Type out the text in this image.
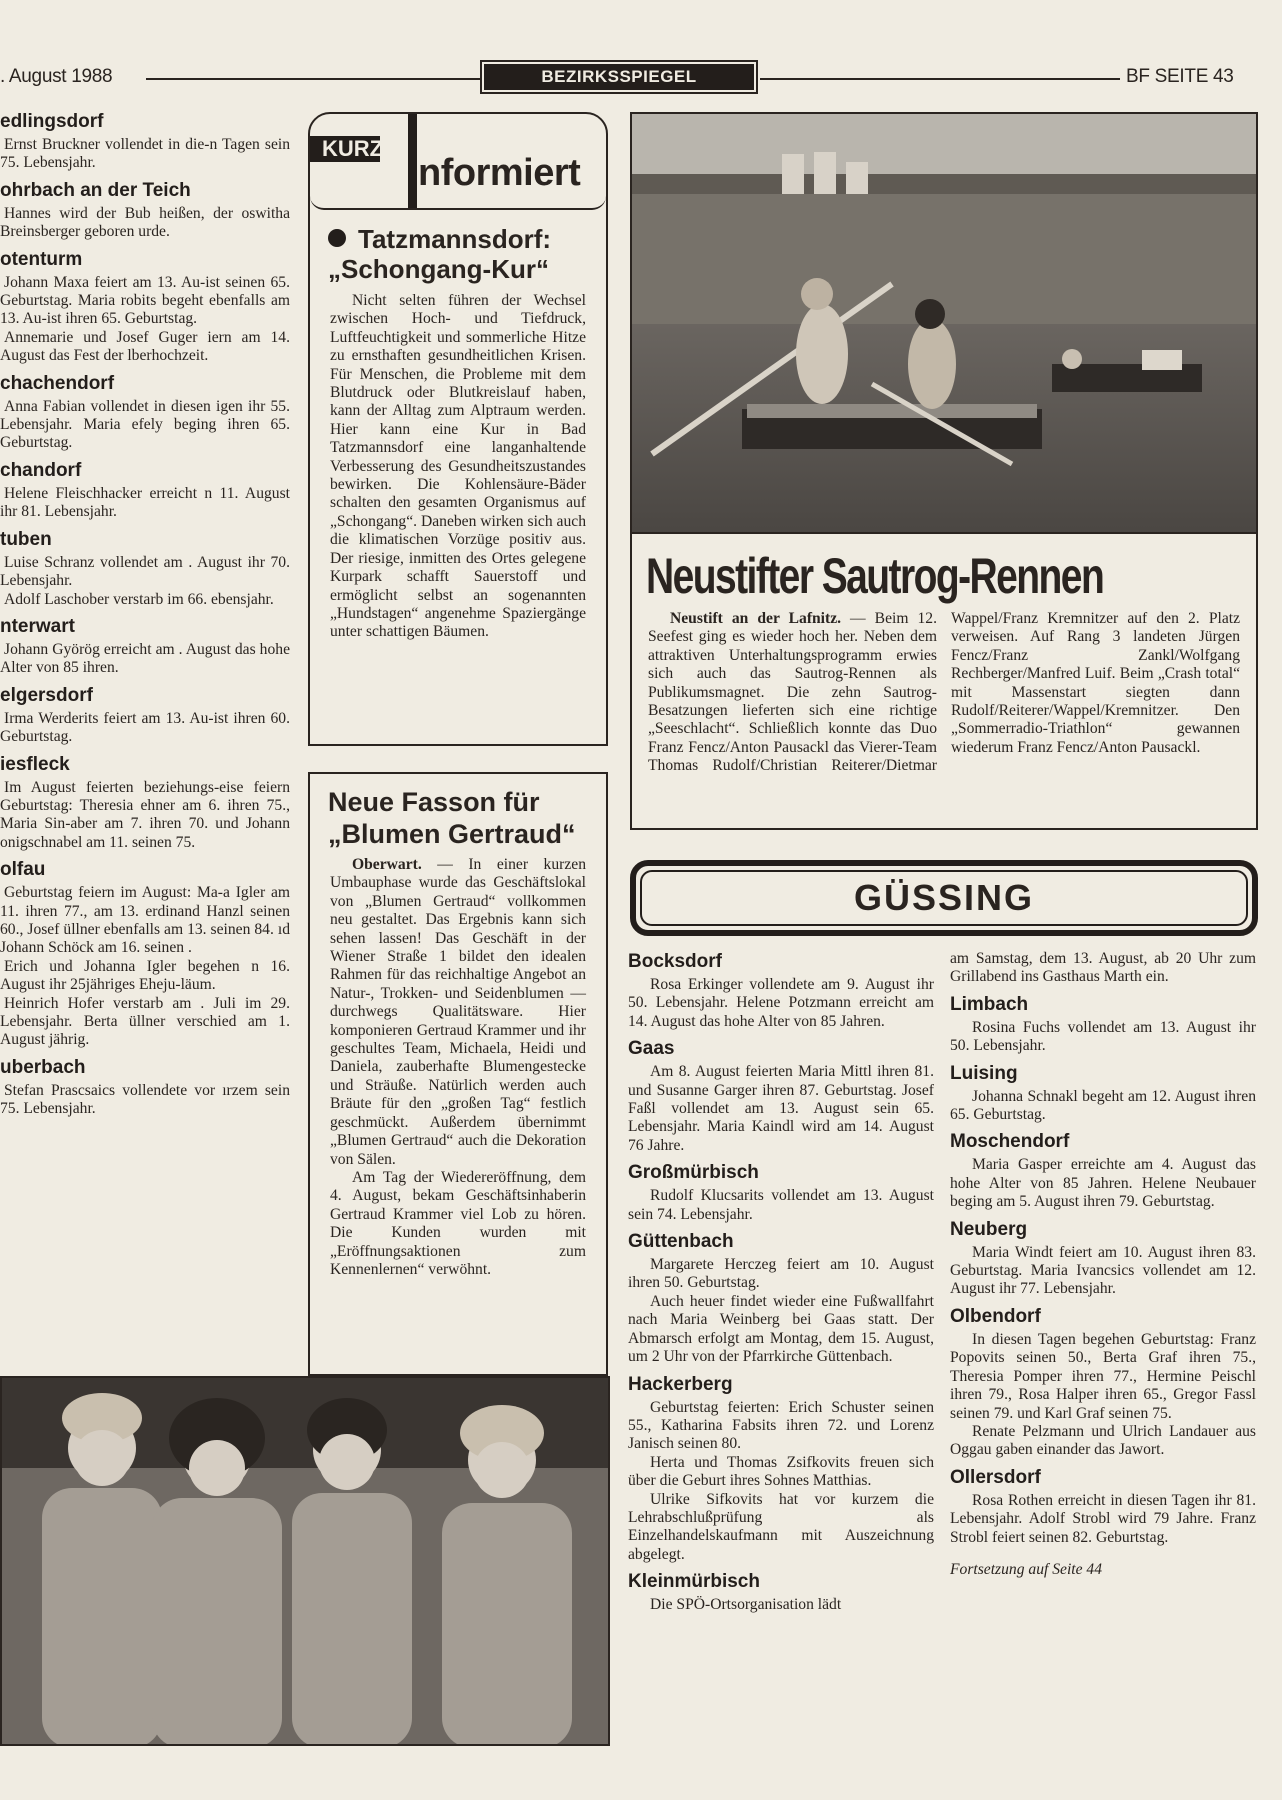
. August 1988	BEZIRKSSPIEGEL	BF SEITE 43
edlingsdorf

Ernst Bruckner vollendet in die-n Tagen sein 75. Lebensjahr.

ohrbach an der Teich

Hannes wird der Bub heißen, der oswitha Breinsberger geboren urde.

otenturm

Johann Maxa feiert am 13. Au-ist seinen 65. Geburtstag. Maria robits begeht ebenfalls am 13. Au-ist ihren 65. Geburtstag.

Annemarie und Josef Guger iern am 14. August das Fest der lberhochzeit.

chachendorf

Anna Fabian vollendet in diesen igen ihr 55. Lebensjahr. Maria efely beging ihren 65. Geburtstag.

chandorf

Helene Fleischhacker erreicht n 11. August ihr 81. Lebensjahr.

tuben

Luise Schranz vollendet am . August ihr 70. Lebensjahr.

Adolf Laschober verstarb im 66. ebensjahr.

nterwart

Johann Györög erreicht am . August das hohe Alter von 85 ihren.

elgersdorf

Irma Werderits feiert am 13. Au-ist ihren 60. Geburtstag.

iesfleck

Im August feierten beziehungs-eise feiern Geburtstag: Theresia ehner am 6. ihren 75., Maria Sin-aber am 7. ihren 70. und Johann onigschnabel am 11. seinen 75.

olfau

Geburtstag feiern im August: Ma-a Igler am 11. ihren 77., am 13. erdinand Hanzl seinen 60., Josef üllner ebenfalls am 13. seinen 84. ıd Johann Schöck am 16. seinen .

Erich und Johanna Igler begehen n 16. August ihr 25jähriges Eheju-läum.

Heinrich Hofer verstarb am . Juli im 29. Lebensjahr. Berta üllner verschied am 1. August jährig.

uberbach

Stefan Prascsaics vollendete vor ırzem sein 75. Lebensjahr.

KURZ
nformiert
Tatzmannsdorf: „Schongang-Kur“

Nicht selten führen der Wechsel zwischen Hoch- und Tiefdruck, Luftfeuchtigkeit und sommerliche Hitze zu ernsthaften gesundheitlichen Krisen. Für Menschen, die Probleme mit dem Blutdruck oder Blutkreislauf haben, kann der Alltag zum Alptraum werden. Hier kann eine Kur in Bad Tatzmannsdorf eine langanhaltende Verbesserung des Gesundheitszustandes bewirken. Die Kohlensäure-Bäder schalten den gesamten Organismus auf „Schongang“. Daneben wirken sich auch die klimatischen Vorzüge positiv aus. Der riesige, inmitten des Ortes gelegene Kurpark schafft Sauerstoff und ermöglicht selbst an sogenannten „Hundstagen“ angenehme Spaziergänge unter schattigen Bäumen.

Neue Fasson für „Blumen Gertraud“

Oberwart. — In einer kurzen Umbauphase wurde das Geschäftslokal von „Blumen Gertraud“ vollkommen neu gestaltet. Das Ergebnis kann sich sehen lassen! Das Geschäft in der Wiener Straße 1 bildet den idealen Rahmen für das reichhaltige Angebot an Natur-, Trokken- und Seidenblumen — durchwegs Qualitätsware. Hier komponieren Gertraud Krammer und ihr geschultes Team, Michaela, Heidi und Daniela, zauberhafte Blumengestecke und Sträuße. Natürlich werden auch Bräute für den „großen Tag“ festlich geschmückt. Außerdem übernimmt „Blumen Gertraud“ auch die Dekoration von Sälen.

Am Tag der Wiedereröffnung, dem 4. August, bekam Geschäftsinhaberin Gertraud Krammer viel Lob zu hören. Die Kunden wurden mit „Eröffnungsaktionen zum Kennenlernen“ verwöhnt.

Neustifter Sautrog-Rennen

Neustift an der Lafnitz. — Beim 12. Seefest ging es wieder hoch her. Neben dem attraktiven Unterhaltungsprogramm erwies sich auch das Sautrog-Rennen als Publikumsmagnet. Die zehn Sautrog-Besatzungen lieferten sich eine richtige „Seeschlacht“. Schließlich konnte das Duo Franz Fencz/Anton Pausackl das Vierer-Team Thomas Rudolf/Christian Reiterer/Dietmar Wappel/Franz Kremnitzer auf den 2. Platz verweisen. Auf Rang 3 landeten Jürgen Fencz/Franz Zankl/Wolfgang Rechberger/Manfred Luif. Beim „Crash total“ mit Massenstart siegten dann Rudolf/Reiterer/Wappel/Kremnitzer. Den „Sommerradio-Triathlon“ gewannen wiederum Franz Fencz/Anton Pausackl.

GÜSSING
Bocksdorf

Rosa Erkinger vollendete am 9. August ihr 50. Lebensjahr. Helene Potzmann erreicht am 14. August das hohe Alter von 85 Jahren.

Gaas

Am 8. August feierten Maria Mittl ihren 81. und Susanne Garger ihren 87. Geburtstag. Josef Faßl vollendet am 13. August sein 65. Lebensjahr. Maria Kaindl wird am 14. August 76 Jahre.

Großmürbisch

Rudolf Klucsarits vollendet am 13. August sein 74. Lebensjahr.

Güttenbach

Margarete Herczeg feiert am 10. August ihren 50. Geburtstag.

Auch heuer findet wieder eine Fußwallfahrt nach Maria Weinberg bei Gaas statt. Der Abmarsch erfolgt am Montag, dem 15. August, um 2 Uhr von der Pfarrkirche Güttenbach.

Hackerberg

Geburtstag feierten: Erich Schuster seinen 55., Katharina Fabsits ihren 72. und Lorenz Janisch seinen 80.

Herta und Thomas Zsifkovits freuen sich über die Geburt ihres Sohnes Matthias.

Ulrike Sifkovits hat vor kurzem die Lehrabschlußprüfung als Einzelhandelskaufmann mit Auszeichnung abgelegt.

Kleinmürbisch

Die SPÖ-Ortsorganisation lädt

am Samstag, dem 13. August, ab 20 Uhr zum Grillabend ins Gasthaus Marth ein.

Limbach

Rosina Fuchs vollendet am 13. August ihr 50. Lebensjahr.

Luising

Johanna Schnakl begeht am 12. August ihren 65. Geburtstag.

Moschendorf

Maria Gasper erreichte am 4. August das hohe Alter von 85 Jahren. Helene Neubauer beging am 5. August ihren 79. Geburtstag.

Neuberg

Maria Windt feiert am 10. August ihren 83. Geburtstag. Maria Ivancsics vollendet am 12. August ihr 77. Lebensjahr.

Olbendorf

In diesen Tagen begehen Geburtstag: Franz Popovits seinen 50., Berta Graf ihren 75., Theresia Pomper ihren 77., Hermine Peischl ihren 79., Rosa Halper ihren 65., Gregor Fassl seinen 79. und Karl Graf seinen 75.

Renate Pelzmann und Ulrich Landauer aus Oggau gaben einander das Jawort.

Ollersdorf

Rosa Rothen erreicht in diesen Tagen ihr 81. Lebensjahr. Adolf Strobl wird 79 Jahre. Franz Strobl feiert seinen 82. Geburtstag.

Fortsetzung auf Seite 44
